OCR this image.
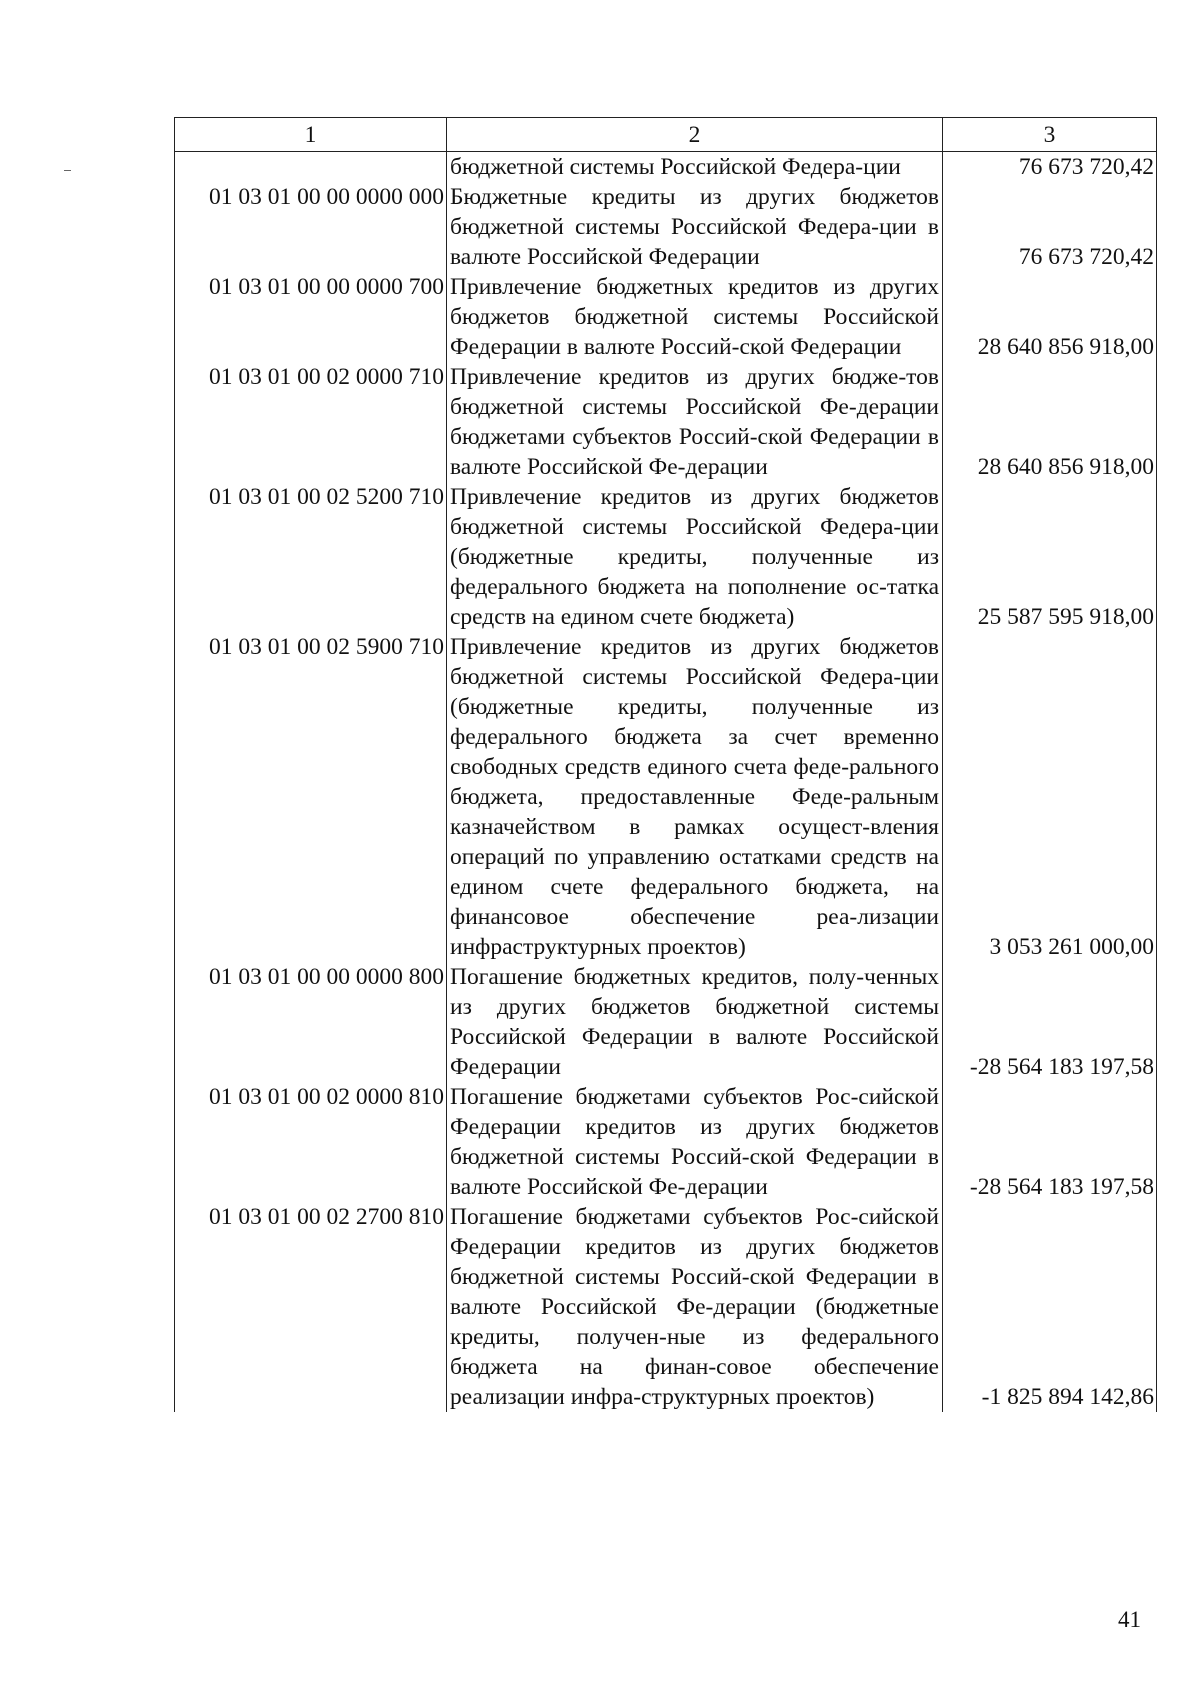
1	2	3
	бюджетной системы Российской Федера-ции	76 673 720,42
01 03 01 00 00 0000 000	Бюджетные кредиты из других бюджетов бюджетной системы Российской Федера-ции в валюте Российской Федерации	76 673 720,42
01 03 01 00 00 0000 700	Привлечение бюджетных кредитов из других бюджетов бюджетной системы Российской Федерации в валюте Россий-ской Федерации	28 640 856 918,00
01 03 01 00 02 0000 710	Привлечение кредитов из других бюдже-тов бюджетной системы Российской Фе-дерации бюджетами субъектов Россий-ской Федерации в валюте Российской Фе-дерации	28 640 856 918,00
01 03 01 00 02 5200 710	Привлечение кредитов из других бюджетов бюджетной системы Российской Федера-ции (бюджетные кредиты, полученные из федерального бюджета на пополнение ос-татка средств на едином счете бюджета)	25 587 595 918,00
01 03 01 00 02 5900 710	Привлечение кредитов из других бюджетов бюджетной системы Российской Федера-ции (бюджетные кредиты, полученные из федерального бюджета за счет временно свободных средств единого счета феде-рального бюджета, предоставленные Феде-ральным казначейством в рамках осущест-вления операций по управлению остатками средств на едином счете федерального бюджета, на финансовое обеспечение реа-лизации инфраструктурных проектов)	3 053 261 000,00
01 03 01 00 00 0000 800	Погашение бюджетных кредитов, полу-ченных из других бюджетов бюджетной системы Российской Федерации в валюте Российской Федерации	-28 564 183 197,58
01 03 01 00 02 0000 810	Погашение бюджетами субъектов Рос-сийской Федерации кредитов из других бюджетов бюджетной системы Россий-ской Федерации в валюте Российской Фе-дерации	-28 564 183 197,58
01 03 01 00 02 2700 810	Погашение бюджетами субъектов Рос-сийской Федерации кредитов из других бюджетов бюджетной системы Россий-ской Федерации в валюте Российской Фе-дерации (бюджетные кредиты, получен-ные из федерального бюджета на финан-совое обеспечение реализации инфра-структурных проектов)	-1 825 894 142,86
41
